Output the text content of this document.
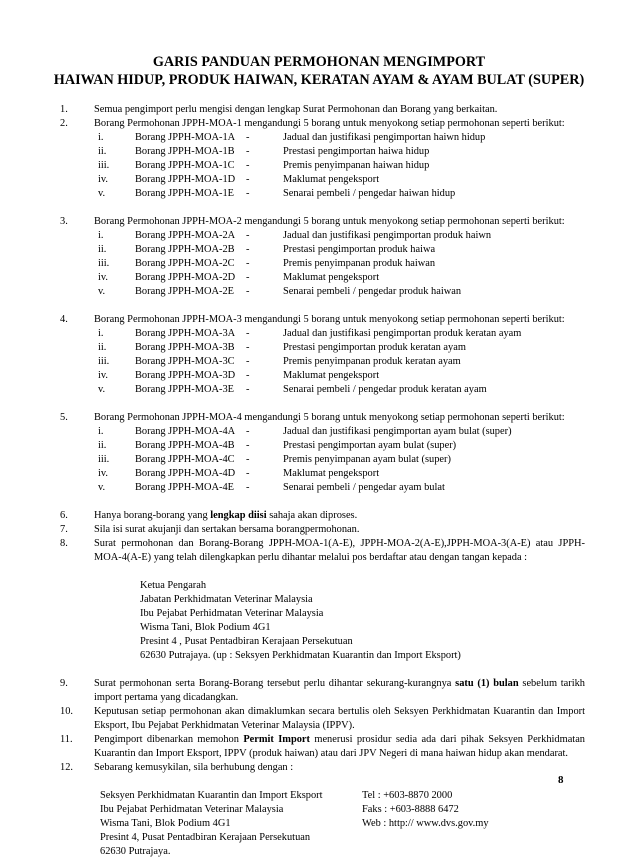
GARIS PANDUAN PERMOHONAN MENGIMPORT
HAIWAN HIDUP, PRODUK HAIWAN, KERATAN AYAM & AYAM BULAT (SUPER)
1.	Semua pengimport perlu mengisi dengan lengkap Surat Permohonan dan Borang yang berkaitan.
2.	Borang Permohonan JPPH-MOA-1 mengandungi 5 borang untuk menyokong setiap permohonan seperti berikut:
i.	Borang JPPH-MOA-1A -	Jadual dan justifikasi pengimportan haiwn hidup
ii.	Borang JPPH-MOA-1B -	Prestasi pengimportan haiwa hidup
iii. Borang JPPH-MOA-1C -	Premis penyimpanan haiwan hidup
iv.	Borang JPPH-MOA-1D -	Maklumat pengeksport
v.	Borang JPPH-MOA-1E -	Senarai pembeli / pengedar haiwan hidup
3.	Borang Permohonan JPPH-MOA-2 mengandungi 5 borang untuk menyokong setiap permohonan seperti berikut:
i.	Borang JPPH-MOA-2A -	Jadual dan justifikasi pengimportan produk haiwn
ii.	Borang JPPH-MOA-2B -	Prestasi pengimportan produk haiwa
iii. Borang JPPH-MOA-2C -	Premis penyimpanan produk haiwan
iv.	Borang JPPH-MOA-2D -	Maklumat pengeksport
v.	Borang JPPH-MOA-2E -	Senarai pembeli / pengedar produk haiwan
4.	Borang Permohonan JPPH-MOA-3 mengandungi 5 borang untuk menyokong setiap permohonan seperti berikut:
i.	Borang JPPH-MOA-3A -	Jadual dan justifikasi pengimportan produk keratan ayam
ii.	Borang JPPH-MOA-3B -	Prestasi pengimportan produk keratan ayam
iii. Borang JPPH-MOA-3C -	Premis penyimpanan produk keratan ayam
iv.	Borang JPPH-MOA-3D -	Maklumat pengeksport
v.	Borang JPPH-MOA-3E -	Senarai pembeli / pengedar produk keratan ayam
5.	Borang Permohonan JPPH-MOA-4 mengandungi 5 borang untuk menyokong setiap permohonan seperti berikut:
i.	Borang JPPH-MOA-4A -	Jadual dan justifikasi pengimportan ayam bulat (super)
ii.	Borang JPPH-MOA-4B -	Prestasi pengimportan ayam bulat (super)
iii. Borang JPPH-MOA-4C -	Premis penyimpanan ayam bulat (super)
iv.	Borang JPPH-MOA-4D -	Maklumat pengeksport
v.	Borang JPPH-MOA-4E -	Senarai pembeli / pengedar ayam bulat
6.	Hanya borang-borang yang lengkap diisi sahaja akan diproses.
7.	Sila isi surat akujanji dan sertakan bersama borangpermohonan.
8.	Surat permohonan dan Borang-Borang JPPH-MOA-1(A-E), JPPH-MOA-2(A-E),JPPH-MOA-3(A-E) atau JPPH-MOA-4(A-E) yang telah dilengkapkan perlu dihantar melalui pos berdaftar atau dengan tangan kepada :
Ketua Pengarah
Jabatan Perkhidmatan Veterinar Malaysia
Ibu Pejabat Perhidmatan Veterinar Malaysia
Wisma Tani, Blok Podium 4G1
Presint 4 , Pusat Pentadbiran Kerajaan Persekutuan
62630 Putrajaya. (up : Seksyen Perkhidmatan Kuarantin dan Import Eksport)
9.	Surat permohonan serta Borang-Borang tersebut perlu dihantar sekurang-kurangnya satu (1) bulan sebelum tarikh import pertama yang dicadangkan.
10.	Keputusan setiap permohonan akan dimaklumkan secara bertulis oleh Seksyen Perkhidmatan Kuarantin dan Import Eksport, Ibu Pejabat Perkhidmatan Veterinar Malaysia (IPPV).
11.	Pengimport dibenarkan memohon Permit Import menerusi prosidur sedia ada dari pihak Seksyen Perkhidmatan Kuarantin dan Import Eksport, IPPV (produk haiwan) atau dari JPV Negeri di mana haiwan hidup akan mendarat.
12.	Sebarang kemusykilan, sila berhubung dengan :
Seksyen Perkhidmatan Kuarantin dan Import Eksport
Ibu Pejabat Perhidmatan Veterinar Malaysia
Wisma Tani, Blok Podium 4G1
Presint 4, Pusat Pentadbiran Kerajaan Persekutuan
62630 Putrajaya.
Tel : +603-8870 2000
Faks : +603-8888 6472
Web : http:// www.dvs.gov.my
8
